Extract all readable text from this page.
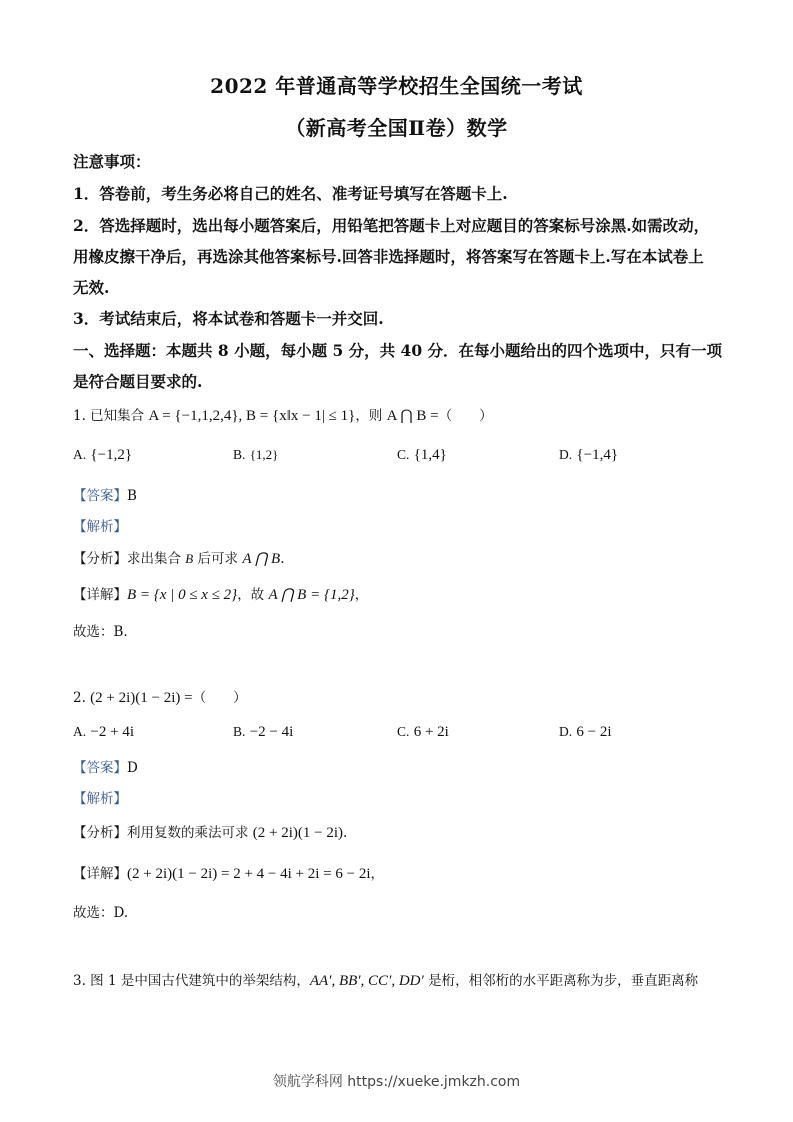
2022 年普通高等学校招生全国统一考试
（新高考全国Ⅱ卷）数学
注意事项：
1．答卷前，考生务必将自己的姓名、准考证号填写在答题卡上.
2．答选择题时，选出每小题答案后，用铅笔把答题卡上对应题目的答案标号涂黑.如需改动，
用橡皮擦干净后，再选涂其他答案标号.回答非选择题时，将答案写在答题卡上.写在本试卷上
无效.
3．考试结束后，将本试卷和答题卡一并交回.
一、选择题：本题共 8 小题，每小题 5 分，共 40 分．在每小题给出的四个选项中，只有一项
是符合题目要求的.
1. 已知集合 A = {−1,1,2,4}, B = {x‖x − 1| ≤ 1}，则 A ⋂ B =（　　）
A. {−1,2}	B. {1,2}	C. {1,4}	D. {−1,4}
【答案】B
【解析】
【分析】求出集合 B 后可求 A ⋂ B.
【详解】B = {x | 0 ≤ x ≤ 2}，故 A ⋂ B = {1,2}，
故选：B.
2. (2 + 2i)(1 − 2i) =（　　）
A. −2 + 4i	B. −2 − 4i	C. 6 + 2i	D. 6 − 2i
【答案】D
【解析】
【分析】利用复数的乘法可求 (2 + 2i)(1 − 2i).
【详解】(2 + 2i)(1 − 2i) = 2 + 4 − 4i + 2i = 6 − 2i，
故选：D.
3. 图 1 是中国古代建筑中的举架结构，AA′, BB′, CC′, DD′ 是桁，相邻桁的水平距离称为步，垂直距离称
领航学科网 https://xueke.jmkzh.com
